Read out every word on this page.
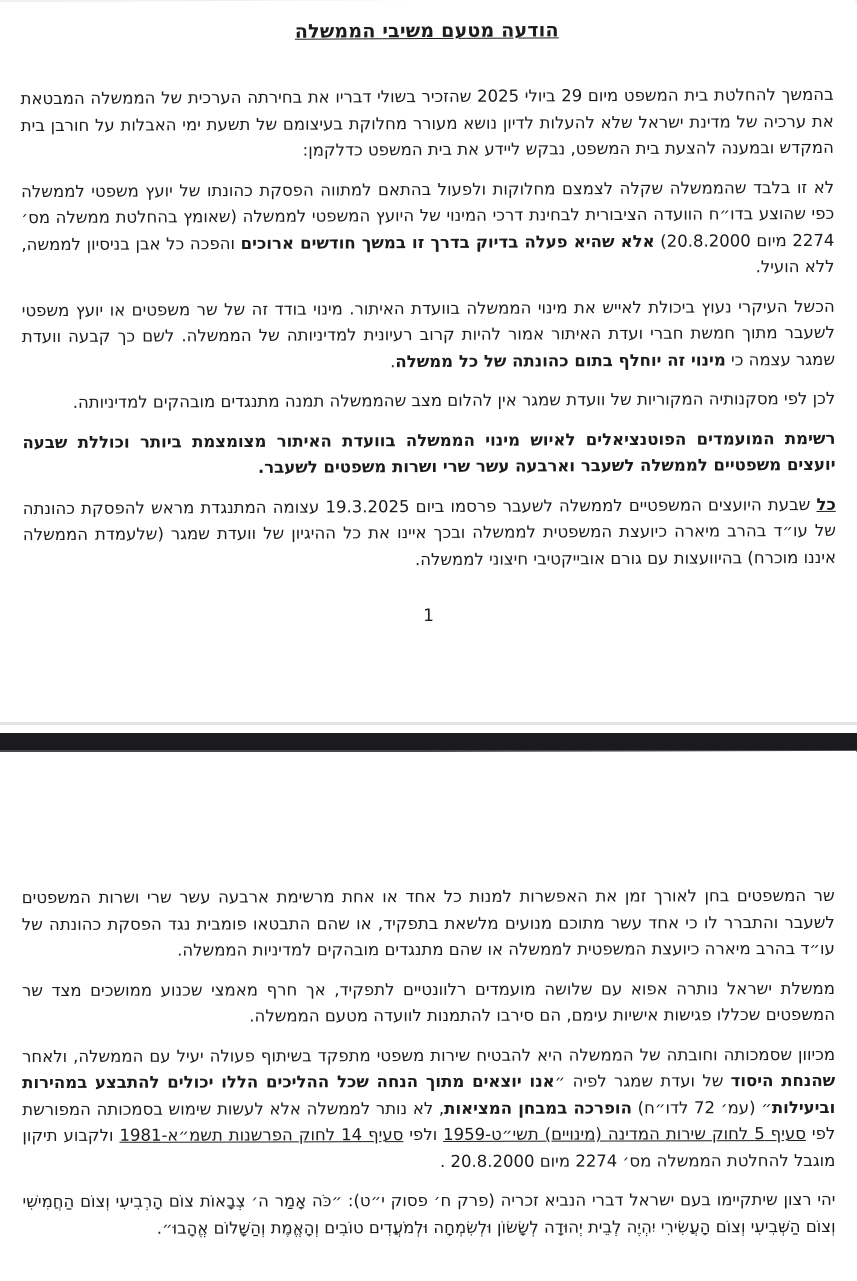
הודעה מטעם משיבי הממשלה
בהמשך להחלטת בית המשפט מיום 29 ביולי 2025 שהזכיר בשולי דבריו את בחירתה הערכית של הממשלה המבטאת את ערכיה של מדינת ישראל שלא להעלות לדיון נושא מעורר מחלוקת בעיצומם של תשעת ימי האבלות על חורבן בית המקדש ובמענה להצעת בית המשפט, נבקש ליידע את בית המשפט כדלקמן:
לא זו בלבד שהממשלה שקלה לצמצם מחלוקות ולפעול בהתאם למתווה הפסקת כהונתו של יועץ משפטי לממשלה כפי שהוצע בדו״ח הוועדה הציבורית לבחינת דרכי המינוי של היועץ המשפטי לממשלה (שאומץ בהחלטת ממשלה מס׳ 2274 מיום 20.8.2000) אלא שהיא פעלה בדיוק בדרך זו במשך חודשים ארוכים והפכה כל אבן בניסיון לממשה, ללא הועיל.
הכשל העיקרי נעוץ ביכולת לאייש את מינוי הממשלה בוועדת האיתור. מינוי בודד זה של שר משפטים או יועץ משפטי לשעבר מתוך חמשת חברי ועדת האיתור אמור להיות קרוב רעיונית למדיניותה של הממשלה. לשם כך קבעה וועדת שמגר עצמה כי מינוי זה יוחלף בתום כהונתה של כל ממשלה.
לכן לפי מסקנותיה המקוריות של וועדת שמגר אין להלום מצב שהממשלה תמנה מתנגדים מובהקים למדיניותה.
רשימת המועמדים הפוטנציאלים לאיוש מינוי הממשלה בוועדת האיתור מצומצמת ביותר וכוללת שבעה יועצים משפטיים לממשלה לשעבר וארבעה עשר שרי ושרות משפטים לשעבר.
כל שבעת היועצים המשפטיים לממשלה לשעבר פרסמו ביום 19.3.2025 עצומה המתנגדת מראש להפסקת כהונתה של עו״ד בהרב מיארה כיועצת המשפטית לממשלה ובכך איינו את כל ההיגיון של וועדת שמגר (שלעמדת הממשלה איננו מוכרח) בהיוועצות עם גורם אובייקטיבי חיצוני לממשלה.
1
שר המשפטים בחן לאורך זמן את האפשרות למנות כל אחד או אחת מרשימת ארבעה עשר שרי ושרות המשפטים לשעבר והתברר לו כי אחד עשר מתוכם מנועים מלשאת בתפקיד, או שהם התבטאו פומבית נגד הפסקת כהונתה של עו״ד בהרב מיארה כיועצת המשפטית לממשלה או שהם מתנגדים מובהקים למדיניות הממשלה.
ממשלת ישראל נותרה אפוא עם שלושה מועמדים רלוונטיים לתפקיד, אך חרף מאמצי שכנוע ממושכים מצד שר המשפטים שכללו פגישות אישיות עימם, הם סירבו להתמנות לוועדה מטעם הממשלה.
מכיוון שסמכותה וחובתה של הממשלה היא להבטיח שירות משפטי מתפקד בשיתוף פעולה יעיל עם הממשלה, ולאחר שהנחת היסוד של ועדת שמגר לפיה ״אנו יוצאים מתוך הנחה שכל ההליכים הללו יכולים להתבצע במהירות וביעילות״ (עמ׳ 72 לדו״ח) הופרכה במבחן המציאות, לא נותר לממשלה אלא לעשות שימוש בסמכותה המפורשת לפי סעיף 5 לחוק שירות המדינה (מינויים) תשי״ט-1959 ולפי סעיף 14 לחוק הפרשנות תשמ״א-1981 ולקבוע תיקון מוגבל להחלטת הממשלה מס׳ 2274 מיום 20.8.2000 .
יהי רצון שיתקיימו בעם ישראל דברי הנביא זכריה (פרק ח׳ פסוק י״ט): ״כֹּה אָמַר ה׳ צְבָאוֹת צוֹם הָרְבִיעִי וְצוֹם הַחֲמִישִׁי וְצוֹם הַשְּׁבִיעִי וְצוֹם הָעֲשִׂירִי יִהְיֶה לְבֵית יְהוּדָה לְשָׂשׂוֹן וּלְשִׂמְחָה וּלְמֹעֲדִים טוֹבִים וְהָאֱמֶת וְהַשָּׁלוֹם אֱהָבוּ״.
